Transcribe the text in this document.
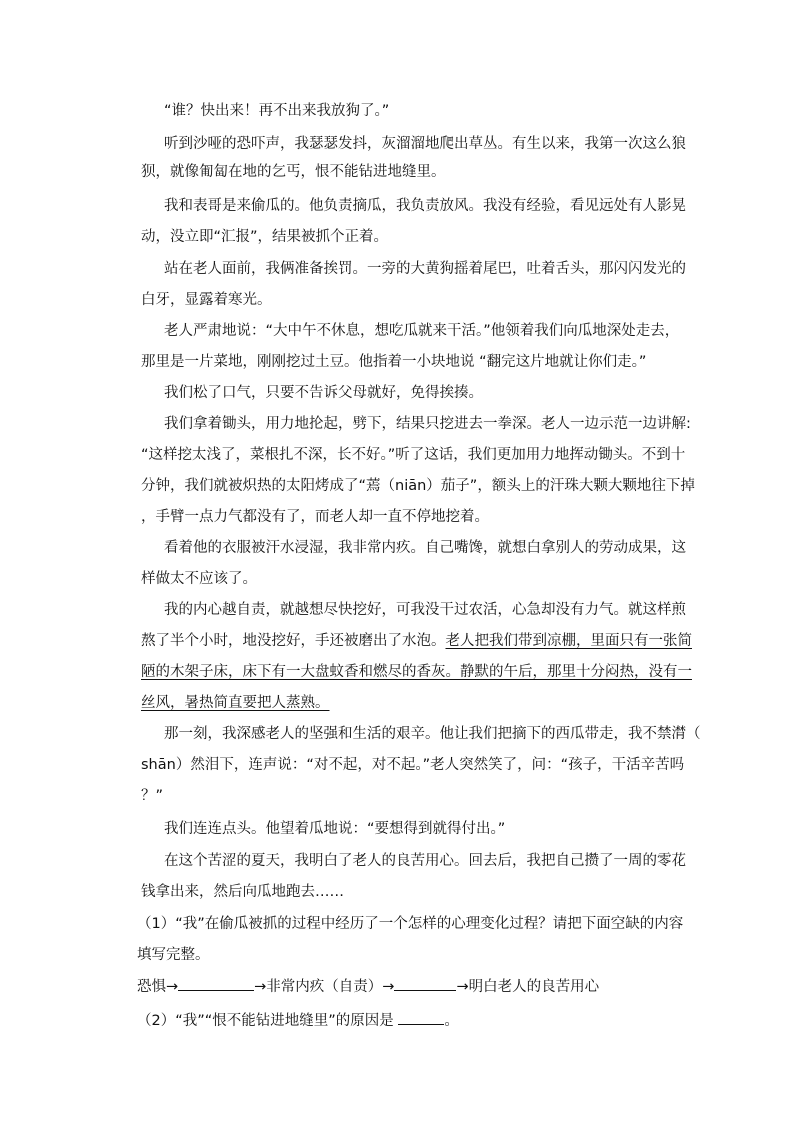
“谁？快出来！再不出来我放狗了。”
听到沙哑的恐吓声，我瑟瑟发抖，灰溜溜地爬出草丛。有生以来，我第一次这么狼
狈，就像匍匐在地的乞丐，恨不能钻进地缝里。
我和表哥是来偷瓜的。他负责摘瓜，我负责放风。我没有经验，看见远处有人影晃
动，没立即“汇报”，结果被抓个正着。
站在老人面前，我俩准备挨罚。一旁的大黄狗摇着尾巴，吐着舌头，那闪闪发光的
白牙，显露着寒光。
老人严肃地说：“大中午不休息，想吃瓜就来干活。”他领着我们向瓜地深处走去，
那里是一片菜地，刚刚挖过土豆。他指着一小块地说 “翻完这片地就让你们走。”
我们松了口气，只要不告诉父母就好，免得挨揍。
我们拿着锄头，用力地抡起，劈下，结果只挖进去一拳深。老人一边示范一边讲解:
“这样挖太浅了，菜根扎不深，长不好。”听了这话，我们更加用力地挥动锄头。不到十
分钟，我们就被炽热的太阳烤成了“蔫（niān）茄子”，额头上的汗珠大颗大颗地往下掉
，手臂一点力气都没有了，而老人却一直不停地挖着。
看着他的衣服被汗水浸湿，我非常内疚。自己嘴馋，就想白拿别人的劳动成果，这
样做太不应该了。
我的内心越自责，就越想尽快挖好，可我没干过农活，心急却没有力气。就这样煎
熬了半个小时，地没挖好，手还被磨出了水泡。老人把我们带到凉棚，里面只有一张简
陋的木架子床，床下有一大盘蚊香和燃尽的香灰。静默的午后，那里十分闷热，没有一
丝风，暑热简直要把人蒸熟。
那一刻，我深感老人的坚强和生活的艰辛。他让我们把摘下的西瓜带走，我不禁潸（
shān）然泪下，连声说：“对不起，对不起。”老人突然笑了，问：“孩子，干活辛苦吗
？”
我们连连点头。他望着瓜地说：“要想得到就得付出。”
在这个苦涩的夏天，我明白了老人的良苦用心。回去后，我把自己攒了一周的零花
钱拿出来，然后向瓜地跑去……
（1）“我”在偷瓜被抓的过程中经历了一个怎样的心理变化过程？请把下面空缺的内容
填写完整。
恐惧→	→非常内疚（自责）→	→明白老人的良苦用心
（2）“我”“恨不能钻进地缝里”的原因是	。
